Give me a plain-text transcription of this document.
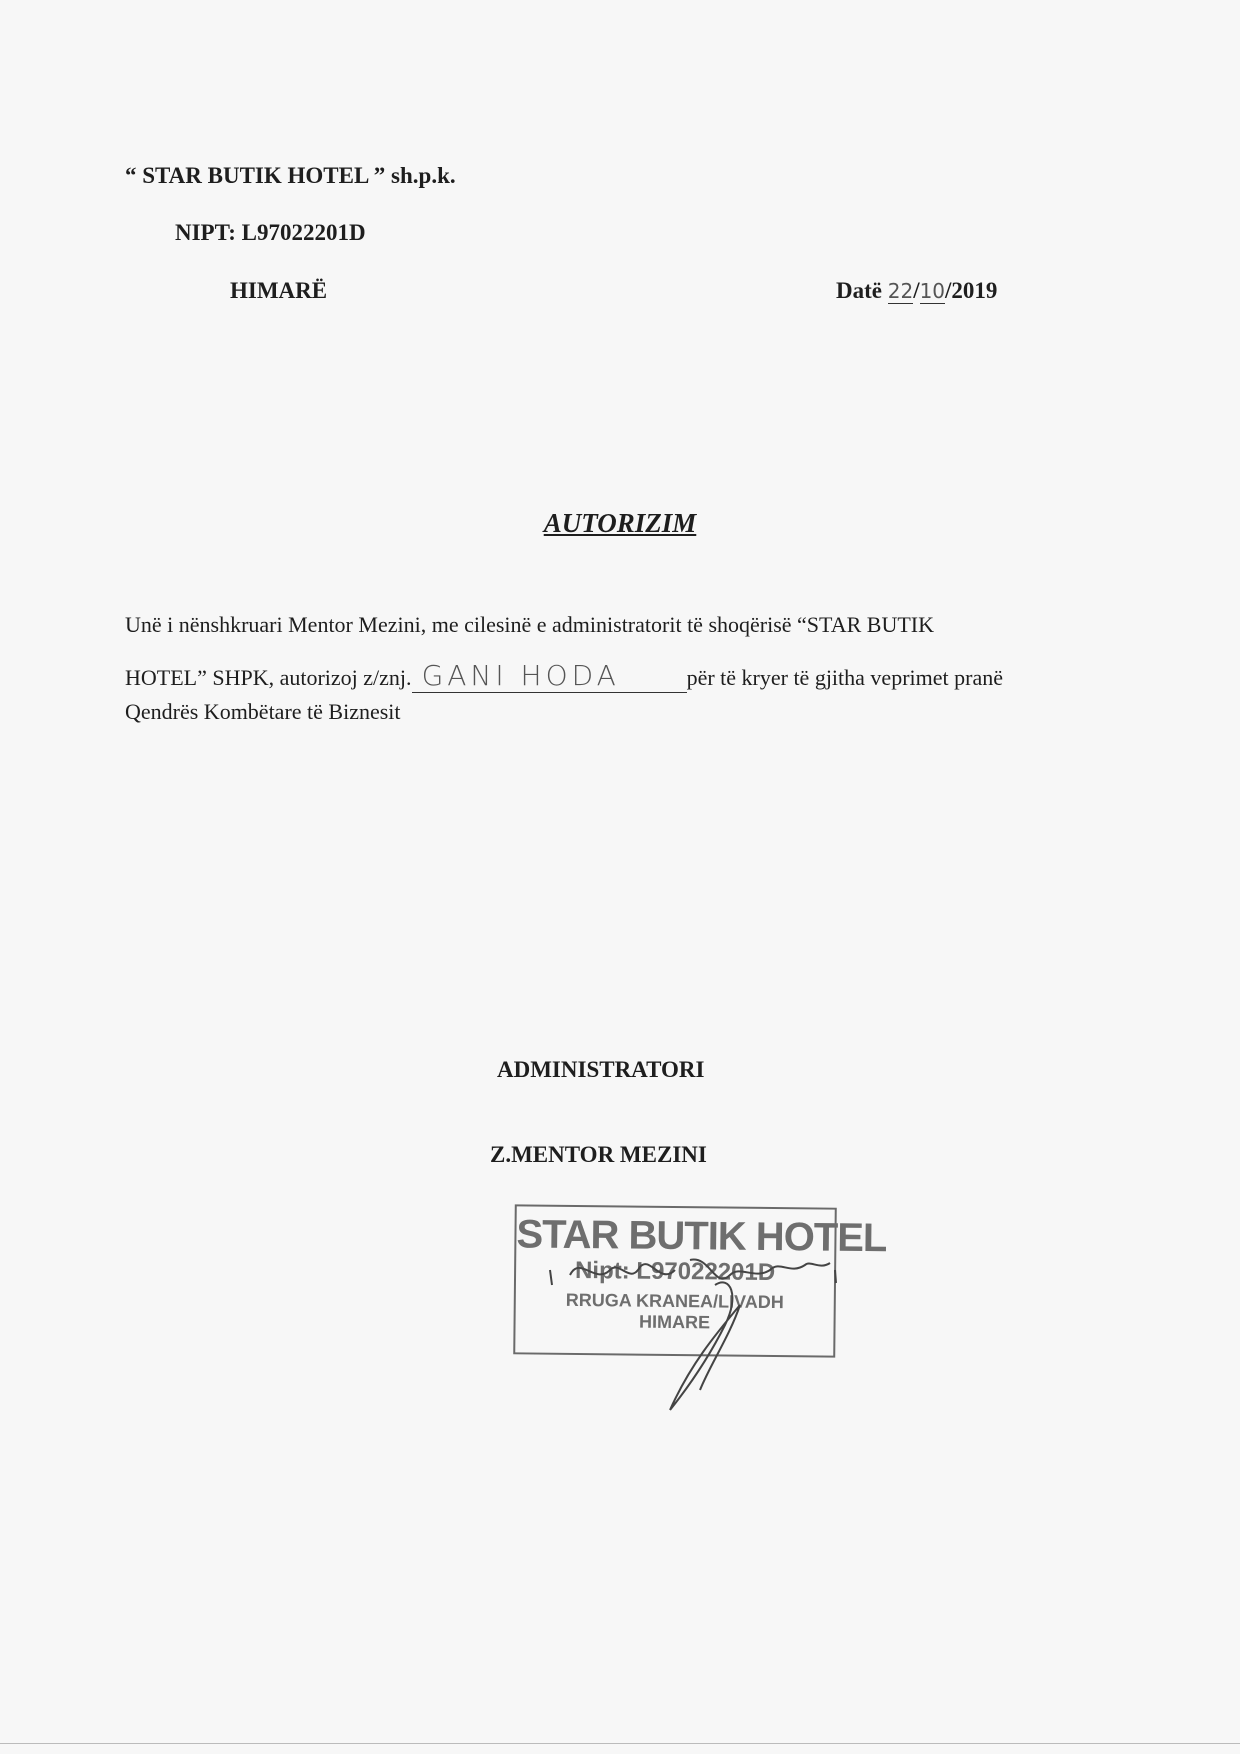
“ STAR BUTIK HOTEL ” sh.p.k.
NIPT: L97022201D
HIMARË	Datë 22/10/2019
AUTORIZIM
Unë i nënshkruari Mentor Mezini, me cilesinë e administratorit të shoqërisë “STAR BUTIK
HOTEL” SHPK, autorizoj z/znj. GANI HODA	për të kryer të gjitha veprimet pranë
Qendrës Kombëtare të Biznesit
ADMINISTRATORI
Z.MENTOR MEZINI
STAR BUTIK HOTEL
Nipt: L97022201D
RRUGA KRANEA/LIVADH
HIMARE
